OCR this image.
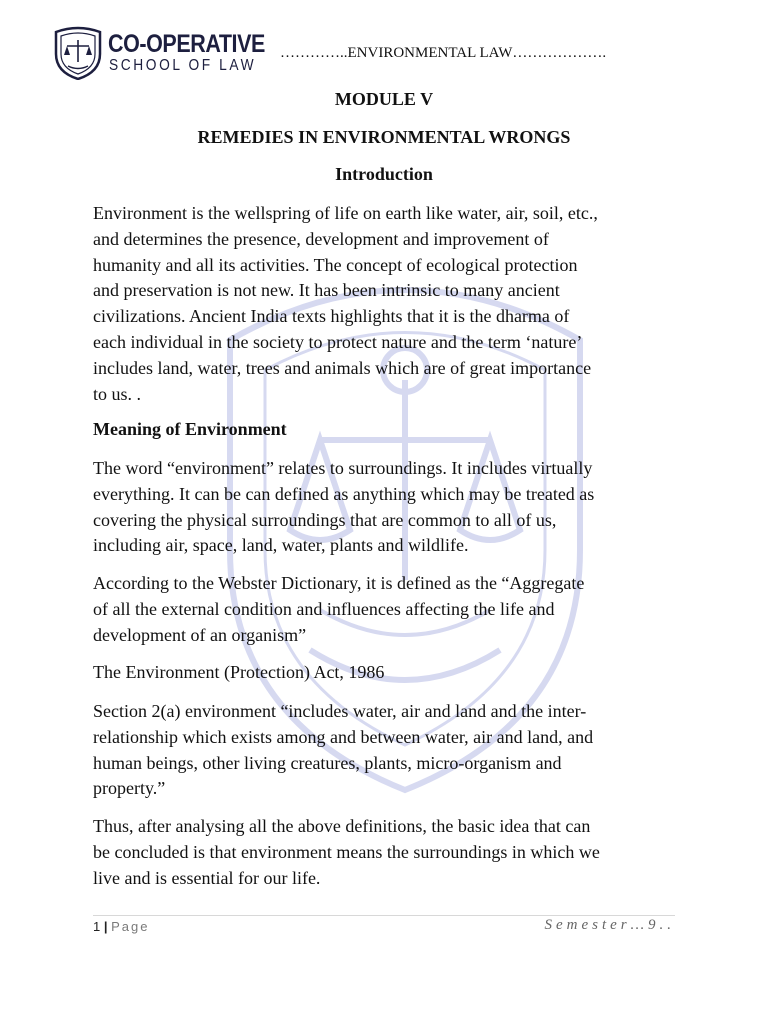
CO-OPERATIVE
SCHOOL OF LAW
…………..ENVIRONMENTAL LAW……………….
MODULE V
REMEDIES IN ENVIRONMENTAL WRONGS
Introduction
Environment is the wellspring of life on earth like water, air, soil, etc.,
and determines the presence, development and improvement of
humanity and all its activities. The concept of ecological protection
and preservation is not new. It has been intrinsic to many ancient
civilizations. Ancient India texts highlights that it is the dharma of
each individual in the society to protect nature and the term ‘nature’
includes land, water, trees and animals which are of great importance
to us. .
Meaning of Environment
The word “environment” relates to surroundings. It includes virtually
everything. It can be can defined as anything which may be treated as
covering the physical surroundings that are common to all of us,
including air, space, land, water, plants and wildlife.
According to the Webster Dictionary, it is defined as the “Aggregate
of all the external condition and influences affecting the life and
development of an organism”
The Environment (Protection) Act, 1986
Section 2(a) environment “includes water, air and land and the inter-
relationship which exists among and between water, air and land, and
human beings, other living creatures, plants, micro-organism and
property.”
Thus, after analysing all the above definitions, the basic idea that can
be concluded is that environment means the surroundings in which we
live and is essential for our life.
1 | Page	Semester…9..
